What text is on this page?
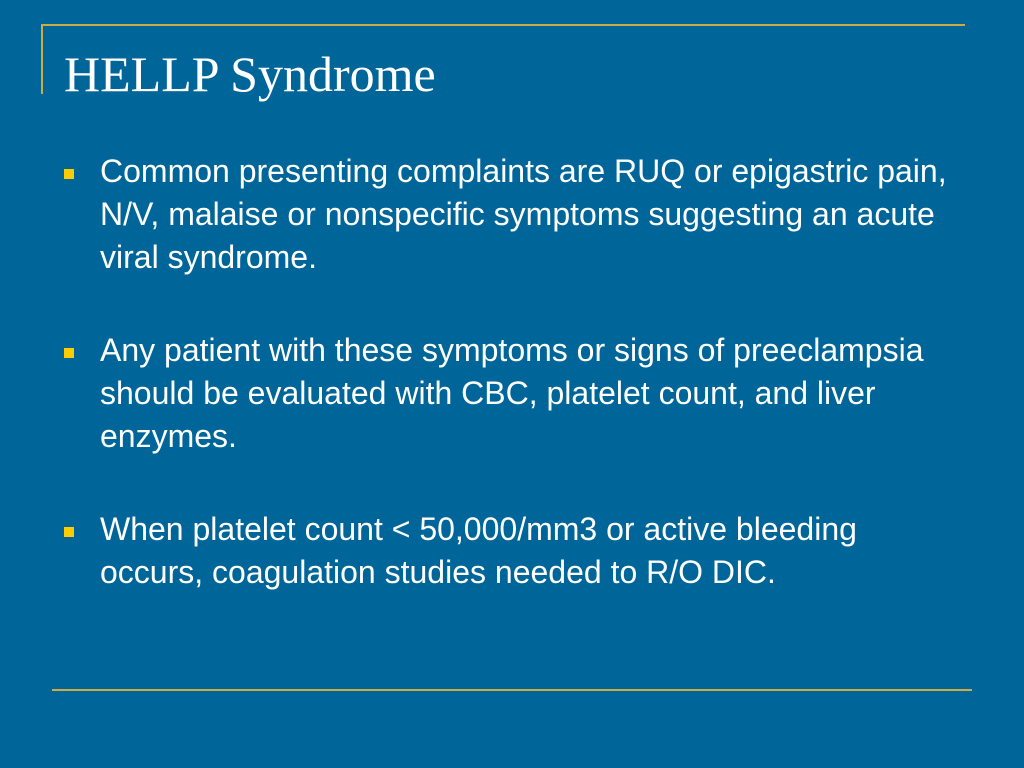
HELLP Syndrome
Common presenting complaints are RUQ or epigastric pain, N/V, malaise or nonspecific symptoms suggesting an acute viral syndrome.
Any patient with these symptoms or signs of preeclampsia should be evaluated with CBC, platelet count, and liver enzymes.
When platelet count < 50,000/mm3 or active bleeding occurs, coagulation studies needed to R/O DIC.
